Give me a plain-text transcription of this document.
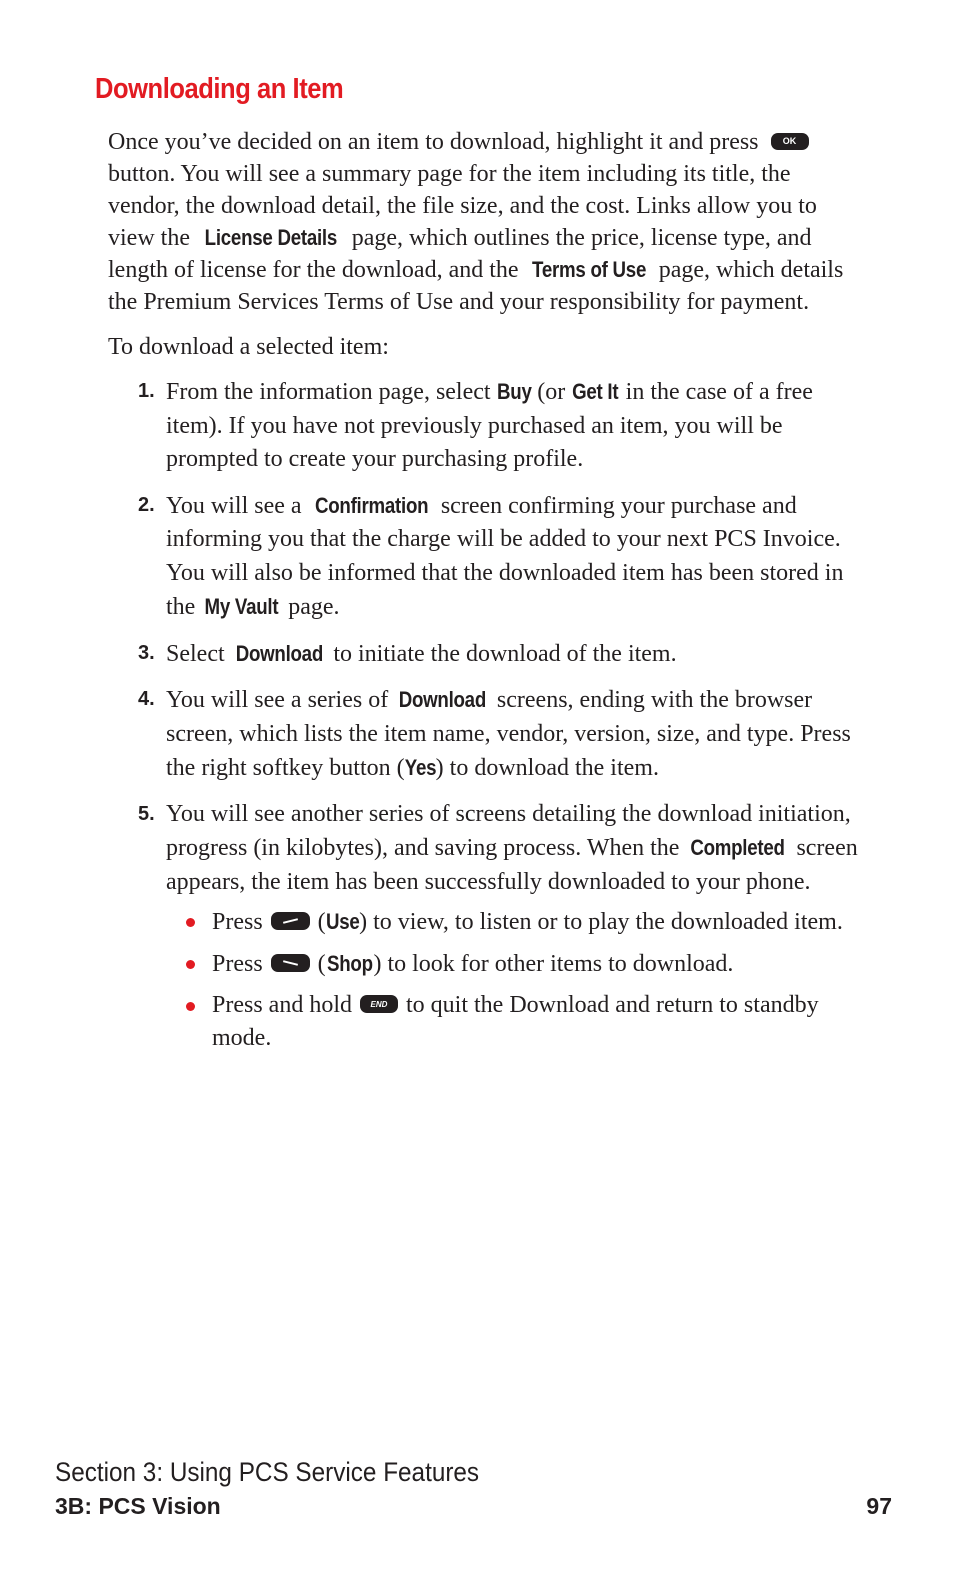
Downloading an Item

Once you’ve decided on an item to download, highlight it and press	OK button. You will see a summary page for the item including its title, the vendor, the download detail, the file size, and the cost. Links allow you to view the License Details page, which outlines the price, license type, and length of license for the download, and the Terms of Use page, which details the Premium Services Terms of Use and your responsibility for payment.

To download a selected item:

1. From the information page, select Buy (or Get It in the case of a free item). If you have not previously purchased an item, you will be prompted to create your purchasing profile.
2. You will see a Confirmation screen confirming your purchase and informing you that the charge will be added to your next PCS Invoice. You will also be informed that the downloaded item has been stored in the My Vault page.
3. Select Download to initiate the download of the item.
4. You will see a series of Download screens, ending with the browser screen, which lists the item name, vendor, version, size, and type. Press the right softkey button (Yes) to download the item.
5. You will see another series of screens detailing the download initiation, progress (in kilobytes), and saving process. When the Completed screen appears, the item has been successfully downloaded to your phone.
Press  (Use) to view, to listen or to play the downloaded item.
Press  (Shop) to look for other items to download.
Press and hold END to quit the Download and return to standby mode.
Section 3: Using PCS Service Features
3B: PCS Vision	97
